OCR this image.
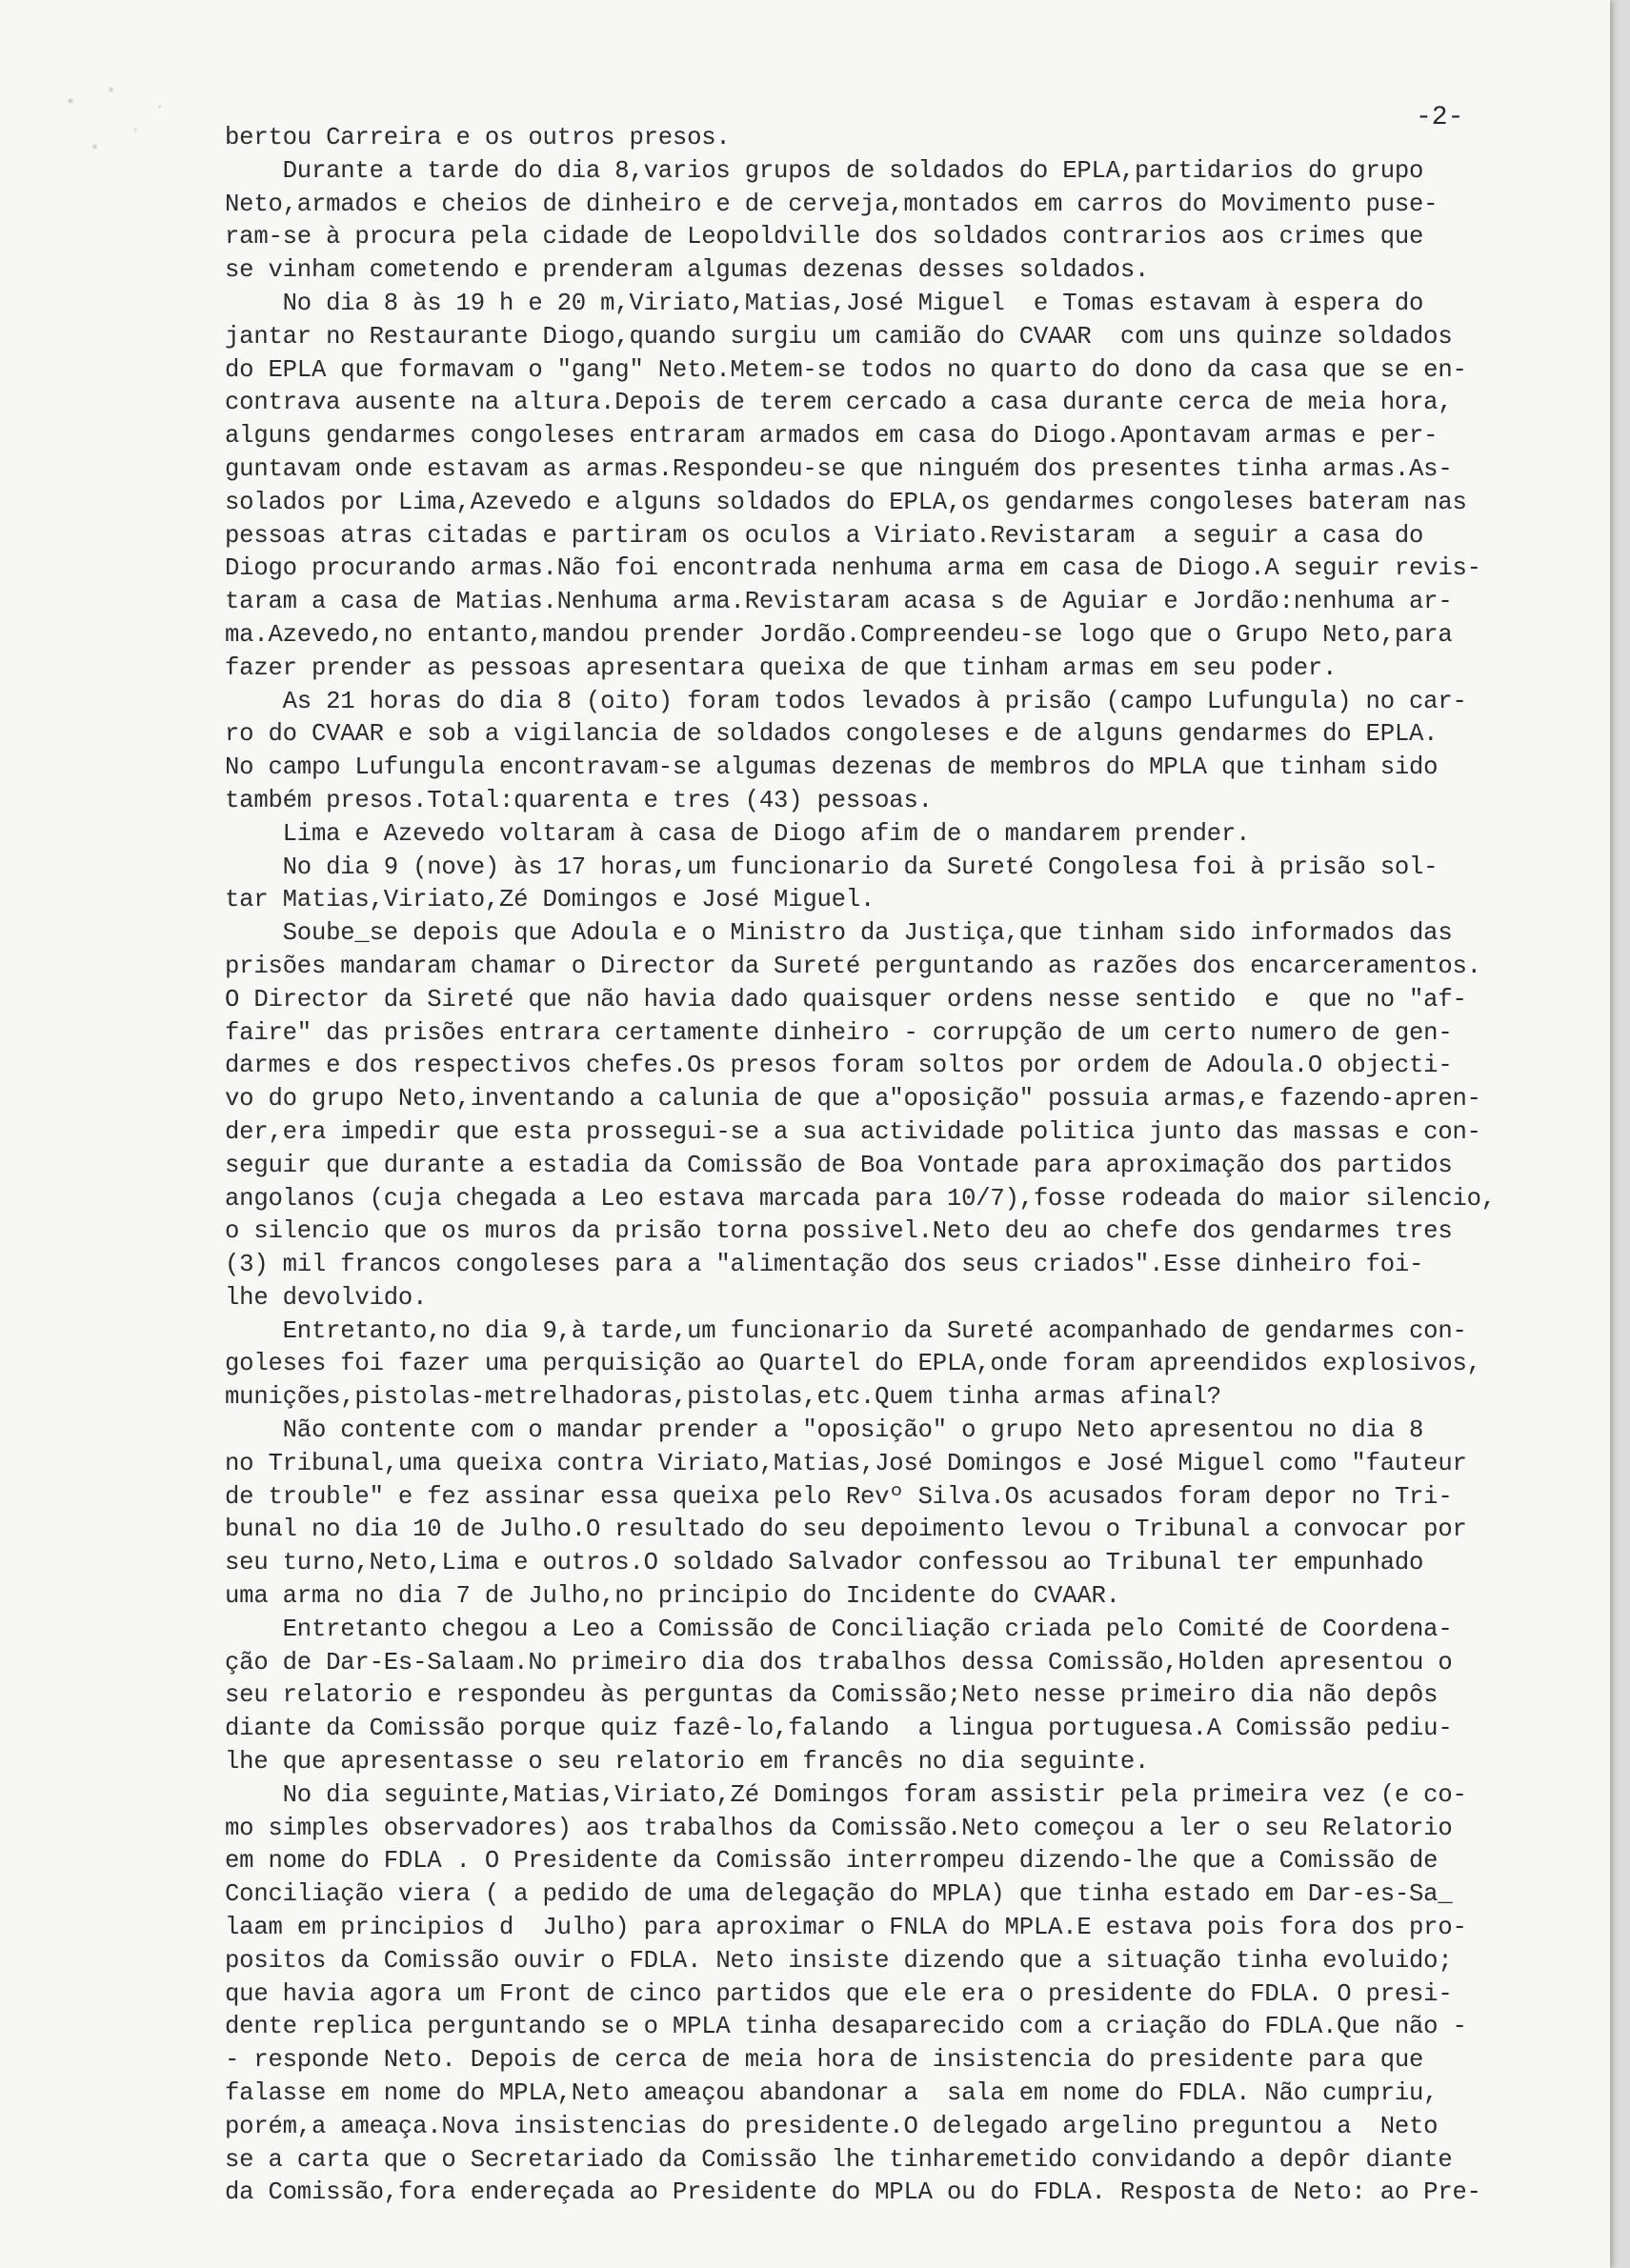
-2-
bertou Carreira e os outros presos.
Durante a tarde do dia 8,varios grupos de soldados do EPLA,partidarios do grupo
Neto,armados e cheios de dinheiro e de cerveja,montados em carros do Movimento puse-
ram-se à procura pela cidade de Leopoldville dos soldados contrarios aos crimes que
se vinham cometendo e prenderam algumas dezenas desses soldados.
No dia 8 às 19 h e 20 m,Viriato,Matias,José Miguel  e Tomas estavam à espera do
jantar no Restaurante Diogo,quando surgiu um camião do CVAAR  com uns quinze soldados
do EPLA que formavam o "gang" Neto.Metem-se todos no quarto do dono da casa que se en-
contrava ausente na altura.Depois de terem cercado a casa durante cerca de meia hora,
alguns gendarmes congoleses entraram armados em casa do Diogo.Apontavam armas e per-
guntavam onde estavam as armas.Respondeu-se que ninguém dos presentes tinha armas.As-
solados por Lima,Azevedo e alguns soldados do EPLA,os gendarmes congoleses bateram nas
pessoas atras citadas e partiram os oculos a Viriato.Revistaram  a seguir a casa do
Diogo procurando armas.Não foi encontrada nenhuma arma em casa de Diogo.A seguir revis-
taram a casa de Matias.Nenhuma arma.Revistaram acasa s de Aguiar e Jordão:nenhuma ar-
ma.Azevedo,no entanto,mandou prender Jordão.Compreendeu-se logo que o Grupo Neto,para
fazer prender as pessoas apresentara queixa de que tinham armas em seu poder.
As 21 horas do dia 8 (oito) foram todos levados à prisão (campo Lufungula) no car-
ro do CVAAR e sob a vigilancia de soldados congoleses e de alguns gendarmes do EPLA.
No campo Lufungula encontravam-se algumas dezenas de membros do MPLA que tinham sido
também presos.Total:quarenta e tres (43) pessoas.
Lima e Azevedo voltaram à casa de Diogo afim de o mandarem prender.
No dia 9 (nove) às 17 horas,um funcionario da Sureté Congolesa foi à prisão sol-
tar Matias,Viriato,Zé Domingos e José Miguel.
Soube_se depois que Adoula e o Ministro da Justiça,que tinham sido informados das
prisões mandaram chamar o Director da Sureté perguntando as razões dos encarceramentos.
O Director da Sireté que não havia dado quaisquer ordens nesse sentido  e  que no "af-
faire" das prisões entrara certamente dinheiro - corrupção de um certo numero de gen-
darmes e dos respectivos chefes.Os presos foram soltos por ordem de Adoula.O objecti-
vo do grupo Neto,inventando a calunia de que a"oposição" possuia armas,e fazendo-apren-
der,era impedir que esta prossegui-se a sua actividade politica junto das massas e con-
seguir que durante a estadia da Comissão de Boa Vontade para aproximação dos partidos
angolanos (cuja chegada a Leo estava marcada para 10/7),fosse rodeada do maior silencio,
o silencio que os muros da prisão torna possivel.Neto deu ao chefe dos gendarmes tres
(3) mil francos congoleses para a "alimentação dos seus criados".Esse dinheiro foi-
lhe devolvido.
Entretanto,no dia 9,à tarde,um funcionario da Sureté acompanhado de gendarmes con-
goleses foi fazer uma perquisição ao Quartel do EPLA,onde foram apreendidos explosivos,
munições,pistolas-metrelhadoras,pistolas,etc.Quem tinha armas afinal?
Não contente com o mandar prender a "oposição" o grupo Neto apresentou no dia 8
no Tribunal,uma queixa contra Viriato,Matias,José Domingos e José Miguel como "fauteur
de trouble" e fez assinar essa queixa pelo Revº Silva.Os acusados foram depor no Tri-
bunal no dia 10 de Julho.O resultado do seu depoimento levou o Tribunal a convocar por
seu turno,Neto,Lima e outros.O soldado Salvador confessou ao Tribunal ter empunhado
uma arma no dia 7 de Julho,no principio do Incidente do CVAAR.
Entretanto chegou a Leo a Comissão de Conciliação criada pelo Comité de Coordena-
ção de Dar-Es-Salaam.No primeiro dia dos trabalhos dessa Comissão,Holden apresentou o
seu relatorio e respondeu às perguntas da Comissão;Neto nesse primeiro dia não depôs
diante da Comissão porque quiz fazê-lo,falando  a lingua portuguesa.A Comissão pediu-
lhe que apresentasse o seu relatorio em francês no dia seguinte.
No dia seguinte,Matias,Viriato,Zé Domingos foram assistir pela primeira vez (e co-
mo simples observadores) aos trabalhos da Comissão.Neto começou a ler o seu Relatorio
em nome do FDLA . O Presidente da Comissão interrompeu dizendo-lhe que a Comissão de
Conciliação viera ( a pedido de uma delegação do MPLA) que tinha estado em Dar-es-Sa_
laam em principios d  Julho) para aproximar o FNLA do MPLA.E estava pois fora dos pro-
positos da Comissão ouvir o FDLA. Neto insiste dizendo que a situação tinha evoluido;
que havia agora um Front de cinco partidos que ele era o presidente do FDLA. O presi-
dente replica perguntando se o MPLA tinha desaparecido com a criação do FDLA.Que não -
- responde Neto. Depois de cerca de meia hora de insistencia do presidente para que
falasse em nome do MPLA,Neto ameaçou abandonar a  sala em nome do FDLA. Não cumpriu,
porém,a ameaça.Nova insistencias do presidente.O delegado argelino preguntou a  Neto
se a carta que o Secretariado da Comissão lhe tinharemetido convidando a depôr diante
da Comissão,fora endereçada ao Presidente do MPLA ou do FDLA. Resposta de Neto: ao Pre-
